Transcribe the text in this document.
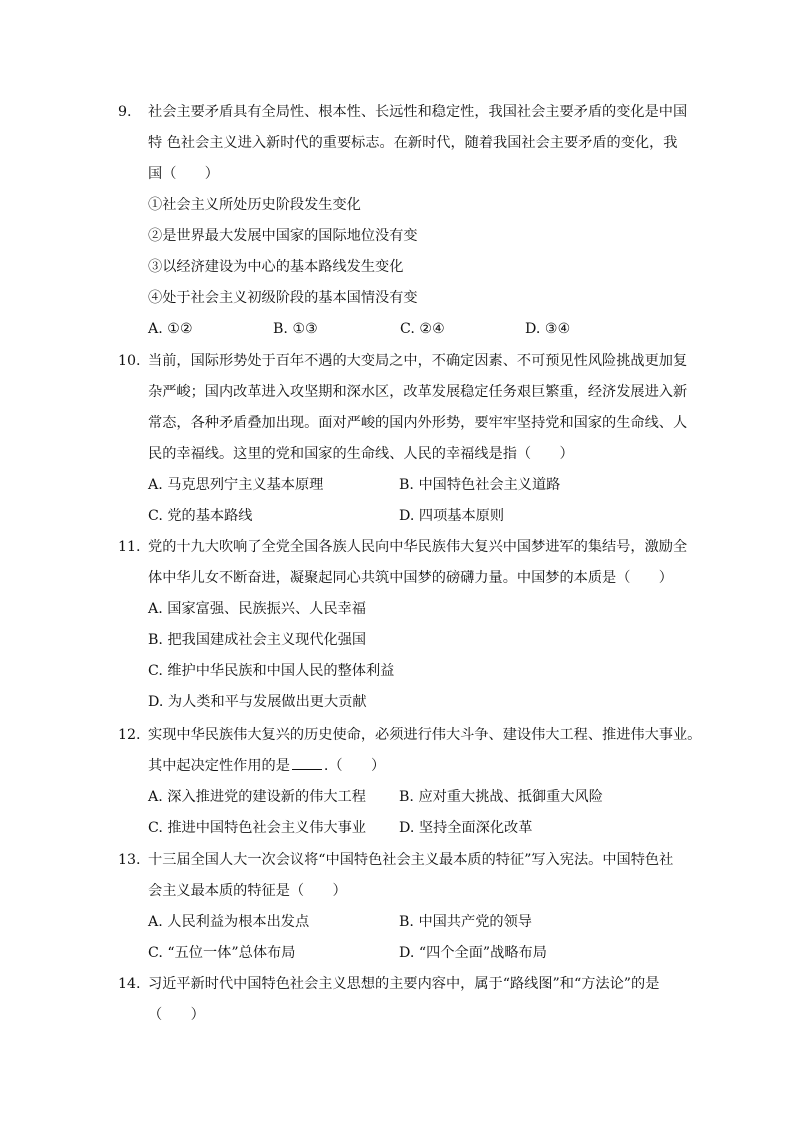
9. 社会主要矛盾具有全局性、根本性、长远性和稳定性，我国社会主要矛盾的变化是中国
特 色社会主义进入新时代的重要标志。在新时代，随着我国社会主要矛盾的变化，我
国（　　）
①社会主义所处历史阶段发生变化
②是世界最大发展中国家的国际地位没有变
③以经济建设为中心的基本路线发生变化
④处于社会主义初级阶段的基本国情没有变
A. ①②	B. ①③	C. ②④	D. ③④
10. 当前，国际形势处于百年不遇的大变局之中，不确定因素、不可预见性风险挑战更加复
杂严峻；国内改革进入攻坚期和深水区，改革发展稳定任务艰巨繁重，经济发展进入新
常态，各种矛盾叠加出现。面对严峻的国内外形势，要牢牢坚持党和国家的生命线、人
民的幸福线。这里的党和国家的生命线、人民的幸福线是指（　　）
A. 马克思列宁主义基本原理	B. 中国特色社会主义道路
C. 党的基本路线	D. 四项基本原则
11. 党的十九大吹响了全党全国各族人民向中华民族伟大复兴中国梦进军的集结号，激励全
体中华儿女不断奋进，凝聚起同心共筑中国梦的磅礴力量。中国梦的本质是（　　）
A. 国家富强、民族振兴、人民幸福
B. 把我国建成社会主义现代化强国
C. 维护中华民族和中国人民的整体利益
D. 为人类和平与发展做出更大贡献
12. 实现中华民族伟大复兴的历史使命，必须进行伟大斗争、建设伟大工程、推进伟大事业。
其中起决定性作用的是 .（　　）
A. 深入推进党的建设新的伟大工程 B. 应对重大挑战、抵御重大风险
C. 推进中国特色社会主义伟大事业 D. 坚持全面深化改革
13. 十三届全国人大一次会议将“中国特色社会主义最本质的特征”写入宪法。中国特色社
会主义最本质的特征是（　　）
A. 人民利益为根本出发点	B. 中国共产党的领导
C. “五位一体”总体布局	D. “四个全面”战略布局
14. 习近平新时代中国特色社会主义思想的主要内容中，属于“路线图”和“方法论”的是
（　　）
